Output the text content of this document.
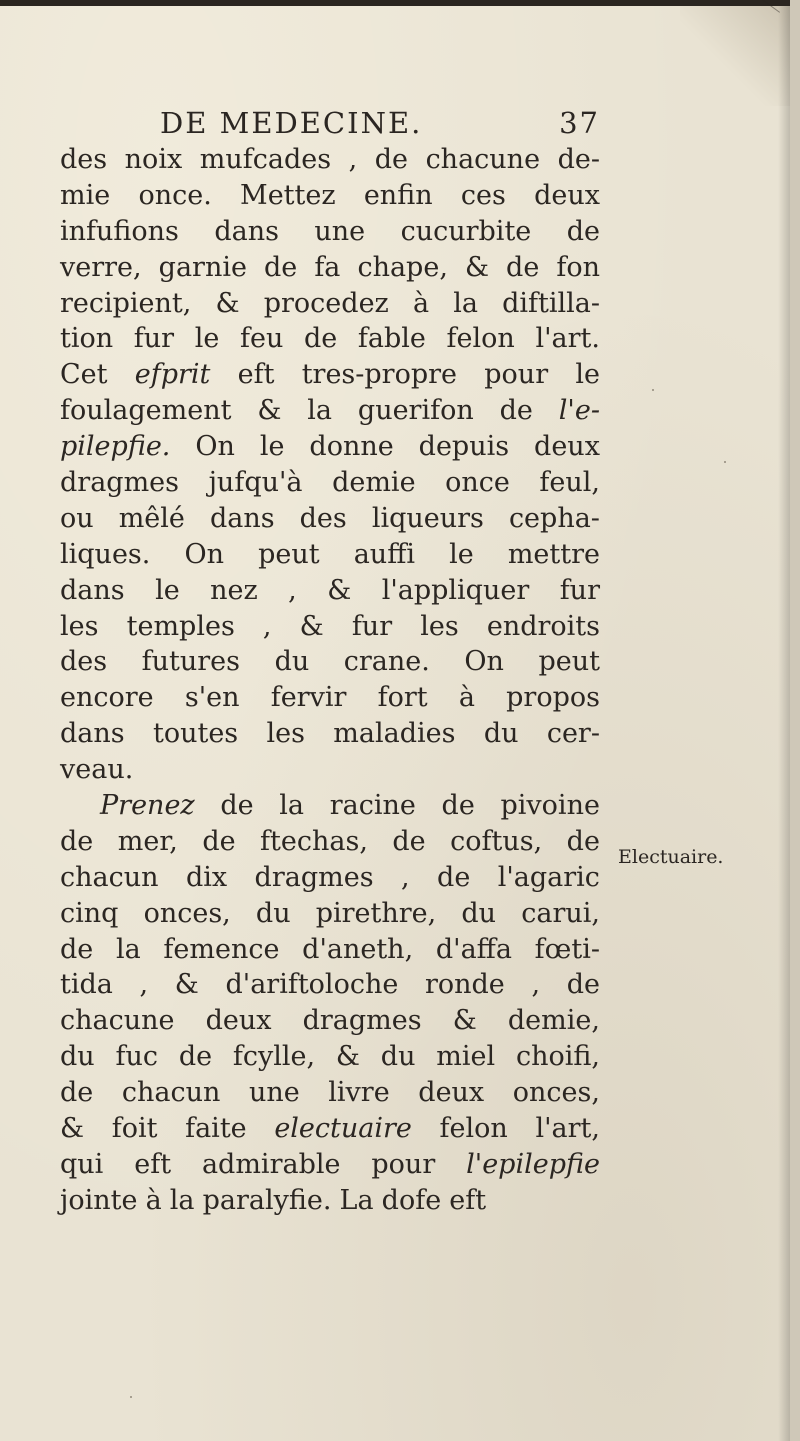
DE MEDECINE.	37
des noix mufcades , de chacune de-
mie once. Mettez enfin ces deux
infufions dans une cucurbite de
verre, garnie de fa chape, & de fon
recipient, & procedez à la diftilla-
tion fur le feu de fable felon l'art.
Cet efprit eft tres-propre pour le
foulagement & la guerifon de l'e-
pilepfie. On le donne depuis deux
dragmes jufqu'à demie once feul,
ou mêlé dans des liqueurs cepha-
liques. On peut auffi le mettre
dans le nez , & l'appliquer fur
les temples , & fur les endroits
des futures du crane. On peut
encore s'en fervir fort à propos
dans toutes les maladies du cer-
veau.
Prenez de la racine de pivoine
de mer, de ftechas, de coftus, de
chacun dix dragmes , de l'agaric
cinq onces, du pirethre, du carui,
de la femence d'aneth, d'affa fœti-
tida , & d'ariftoloche ronde , de
chacune deux dragmes & demie,
du fuc de fcylle, & du miel choifi,
de chacun une livre deux onces,
& foit faite electuaire felon l'art,
qui eft admirable pour l'epilepfie
jointe à la paralyfie. La dofe eft
Electuaire.
